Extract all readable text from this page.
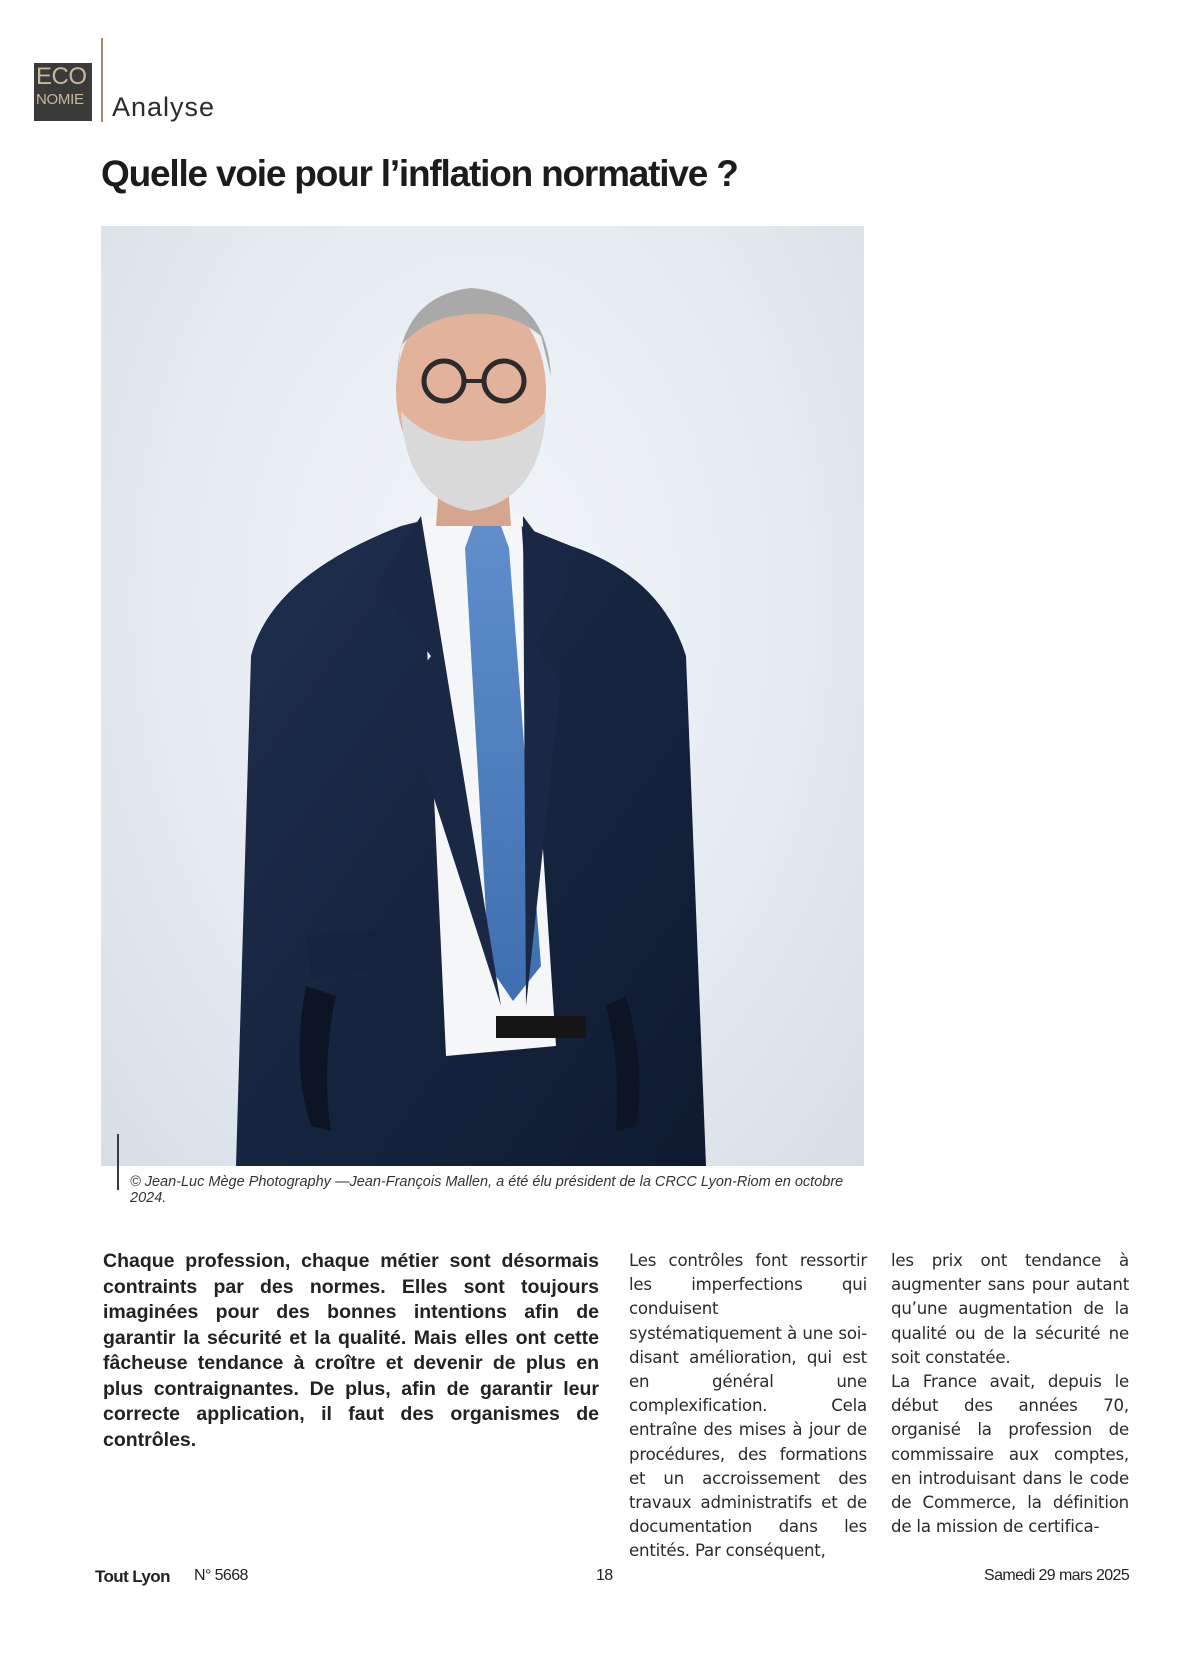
ECO
NOMIE	Analyse
Quelle voie pour l’inflation normative ?
© Jean-Luc Mège Photography —Jean-François Mallen, a été élu président de la CRCC Lyon-Riom en octobre 2024.
Chaque profession, chaque métier sont désormais contraints par des normes. Elles sont toujours imaginées pour des bonnes intentions afin de garantir la sécurité et la qualité. Mais elles ont cette fâcheuse tendance à croître et devenir de plus en plus contraignantes. De plus, afin de garantir leur correcte application, il faut des organismes de contrôles.

Les contrôles font ressortir les imperfections qui conduisent systématiquement à une soi-disant amélioration, qui est en général une complexification. Cela entraîne des mises à jour de procédures, des formations et un accroissement des travaux administratifs et de documentation dans les entités. Par conséquent,

les prix ont tendance à augmenter sans pour autant qu’une augmentation de la qualité ou de la sécurité ne soit constatée.

La France avait, depuis le début des années 70, organisé la profession de commissaire aux comptes, en introduisant dans le code de Commerce, la définition de la mission de certifica-

Tout Lyon N° 5668	18	Samedi 29 mars 2025
